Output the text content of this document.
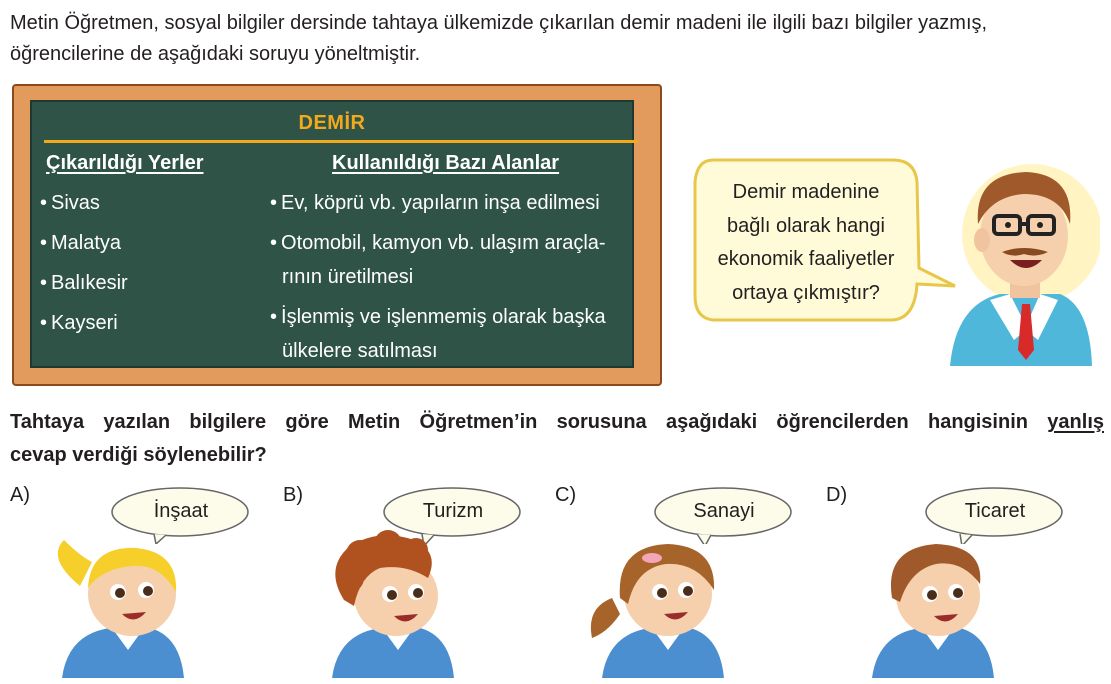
Metin Öğretmen, sosyal bilgiler dersinde tahtaya ülkemizde çıkarılan demir madeni ile ilgili bazı bilgiler yazmış,
öğrencilerine de aşağıdaki soruyu yöneltmiştir.
DEMİR
Çıkarıldığı Yerler	Kullanıldığı Bazı Alanlar
• Sivas
• Malatya
• Balıkesir
• Kayseri
• Ev, köprü vb. yapıların inşa edilmesi
• Otomobil, kamyon vb. ulaşım araçla-
rının üretilmesi
• İşlenmiş ve işlenmemiş olarak başka
ülkelere satılması
Demir madenine
bağlı olarak hangi
ekonomik faaliyetler
ortaya çıkmıştır?
Tahtaya yazılan bilgilere göre Metin Öğretmen’in sorusuna aşağıdaki öğrencilerden hangisinin yanlış
cevap verdiği söylenebilir?
A)
İnşaat
B)
Turizm
C)
Sanayi
D)
Ticaret
